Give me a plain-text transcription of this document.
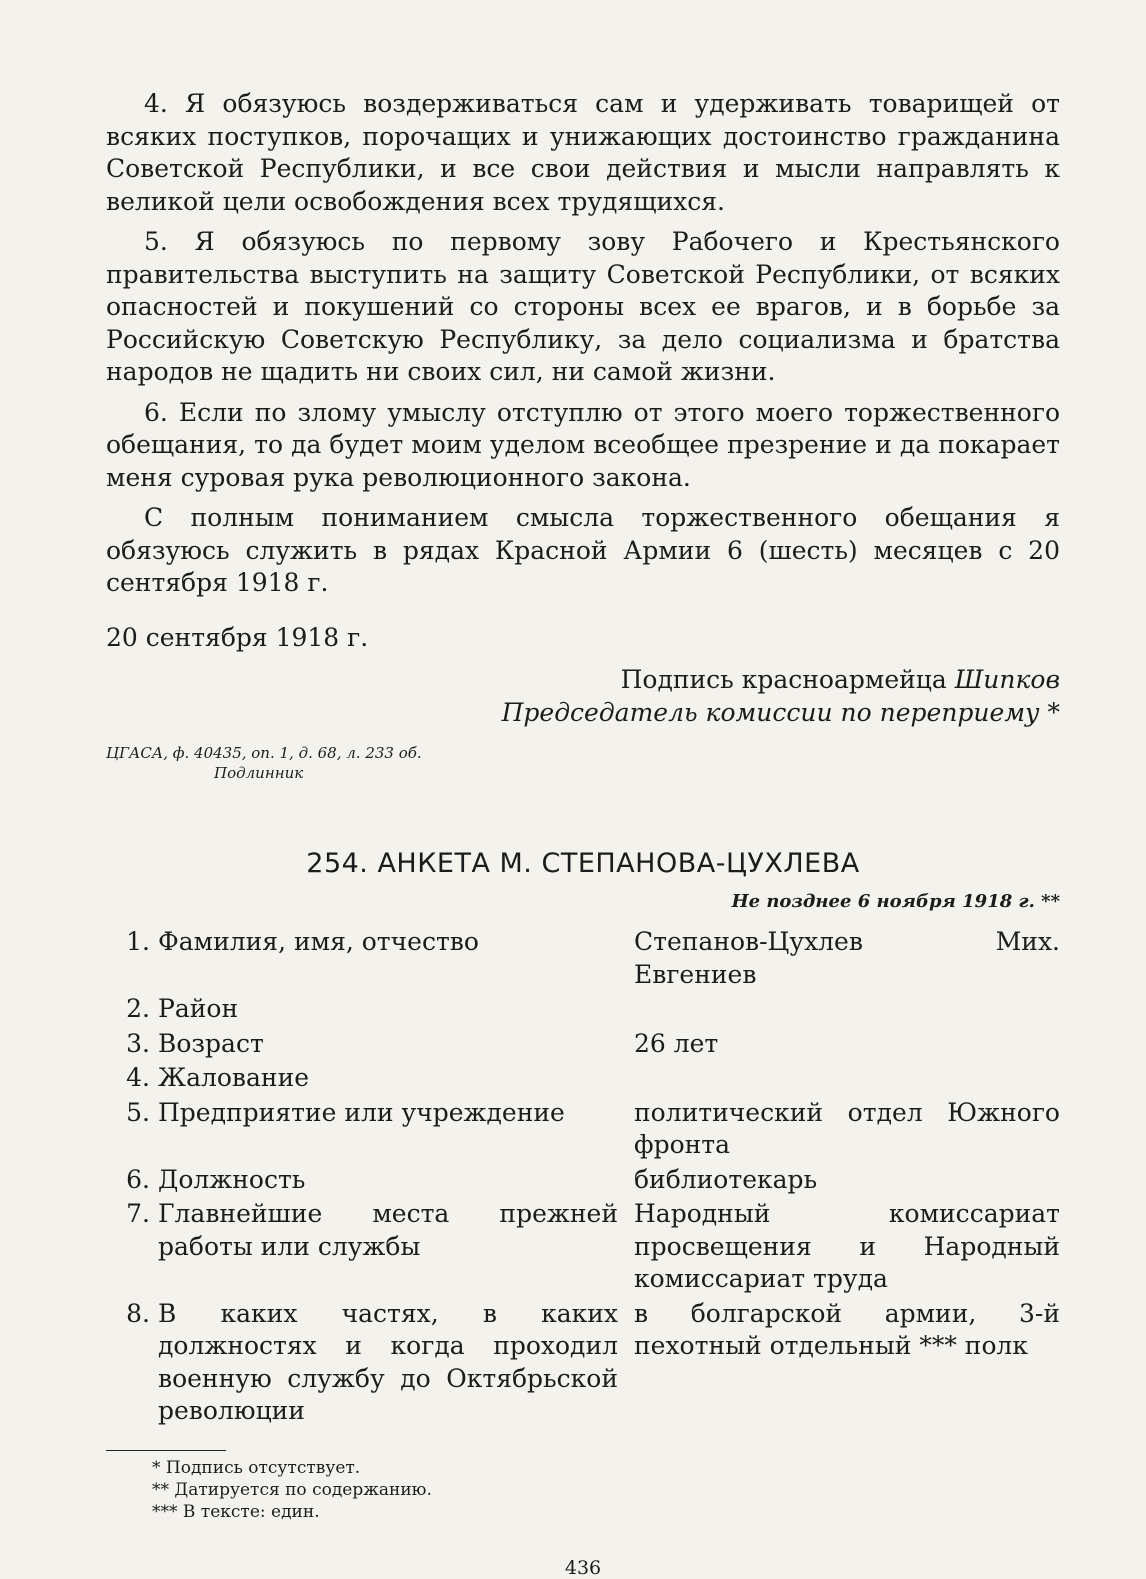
4. Я обязуюсь воздерживаться сам и удерживать товарищей от всяких поступков, порочащих и унижающих достоинство гражданина Советской Республики, и все свои действия и мысли направлять к великой цели освобождения всех трудящихся.

5. Я обязуюсь по первому зову Рабочего и Крестьянского правительства выступить на защиту Советской Республики, от всяких опасностей и покушений со стороны всех ее врагов, и в борьбе за Российскую Советскую Республику, за дело социализма и братства народов не щадить ни своих сил, ни самой жизни.

6. Если по злому умыслу отступлю от этого моего торжественного обещания, то да будет моим уделом всеобщее презрение и да покарает меня суровая рука революционного закона.

С полным пониманием смысла торжественного обещания я обязуюсь служить в рядах Красной Армии 6 (шесть) месяцев с 20 сентября 1918 г.

20 сентября 1918 г.

Подпись красноармейца Шипков
Председатель комиссии по переприему *
ЦГАСА, ф. 40435, оп. 1, д. 68, л. 233 об.
Подлинник
254. АНКЕТА М. СТЕПАНОВА-ЦУХЛЕВА
Не позднее 6 ноября 1918 г. **
1.	Фамилия, имя, отчество	Степанов-Цухлев Мих. Евгениев
2.	Район	
3.	Возраст	26 лет
4.	Жалование	
5.	Предприятие или учреждение	политический отдел Южного фронта
6.	Должность	библиотекарь
7.	Главнейшие места прежней работы или службы	Народный комиссариат просвещения и Народный комиссариат труда
8.	В каких частях, в каких должностях и когда проходил военную службу до Октябрьской революции	в болгарской армии, 3-й пехотный отдельный *** полк
* Подпись отсутствует.
** Датируется по содержанию.
*** В тексте: един.
436
